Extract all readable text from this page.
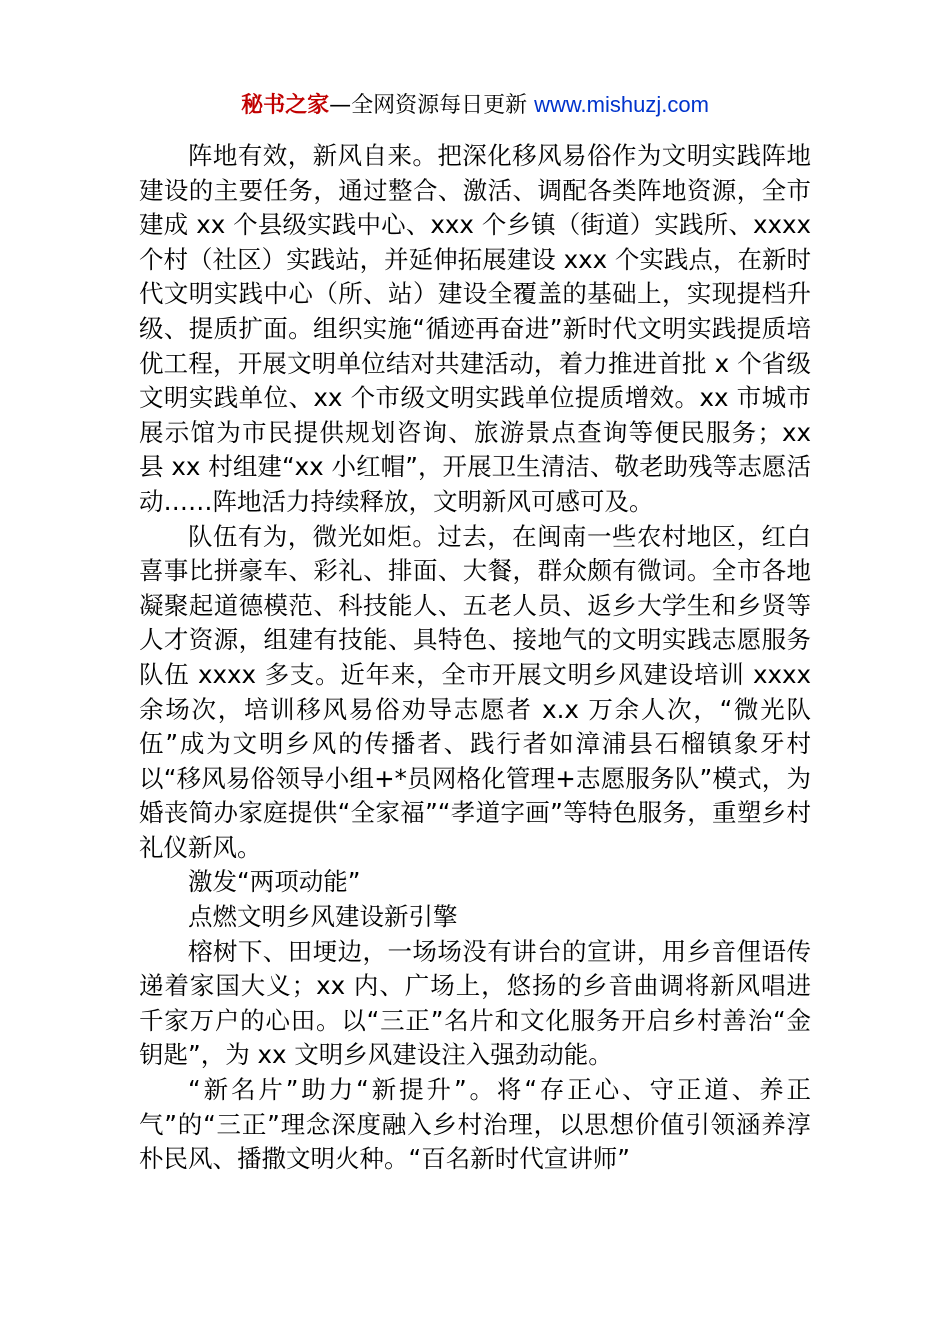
秘书之家—全网资源每日更新 www.mishuzj.com

阵地有效，新风自来。把深化移风易俗作为文明实践阵地建设的主要任务，通过整合、激活、调配各类阵地资源，全市建成 xx 个县级实践中心、xxx 个乡镇（街道）实践所、xxxx 个村（社区）实践站，并延伸拓展建设 xxx 个实践点，在新时代文明实践中心（所、站）建设全覆盖的基础上，实现提档升级、提质扩面。组织实施“循迹再奋进”新时代文明实践提质培优工程，开展文明单位结对共建活动，着力推进首批 x 个省级文明实践单位、xx 个市级文明实践单位提质增效。xx 市城市展示馆为市民提供规划咨询、旅游景点查询等便民服务；xx 县 xx 村组建“xx 小红帽”，开展卫生清洁、敬老助残等志愿活动……阵地活力持续释放，文明新风可感可及。

队伍有为，微光如炬。过去，在闽南一些农村地区，红白喜事比拼豪车、彩礼、排面、大餐，群众颇有微词。全市各地凝聚起道德模范、科技能人、五老人员、返乡大学生和乡贤等人才资源，组建有技能、具特色、接地气的文明实践志愿服务队伍 xxxx 多支。近年来，全市开展文明乡风建设培训 xxxx 余场次，培训移风易俗劝导志愿者 x.x 万余人次，“微光队伍”成为文明乡风的传播者、践行者如漳浦县石榴镇象牙村以“移风易俗领导小组+*员网格化管理+志愿服务队”模式，为婚丧简办家庭提供“全家福”“孝道字画”等特色服务，重塑乡村礼仪新风。

激发“两项动能”

点燃文明乡风建设新引擎

榕树下、田埂边，一场场没有讲台的宣讲，用乡音俚语传递着家国大义；xx 内、广场上，悠扬的乡音曲调将新风唱进千家万户的心田。以“三正”名片和文化服务开启乡村善治“金钥匙”，为 xx 文明乡风建设注入强劲动能。

“新名片”助力“新提升”。将“存正心、守正道、养正气”的“三正”理念深度融入乡村治理，以思想价值引领涵养淳朴民风、播撒文明火种。“百名新时代宣讲师”
